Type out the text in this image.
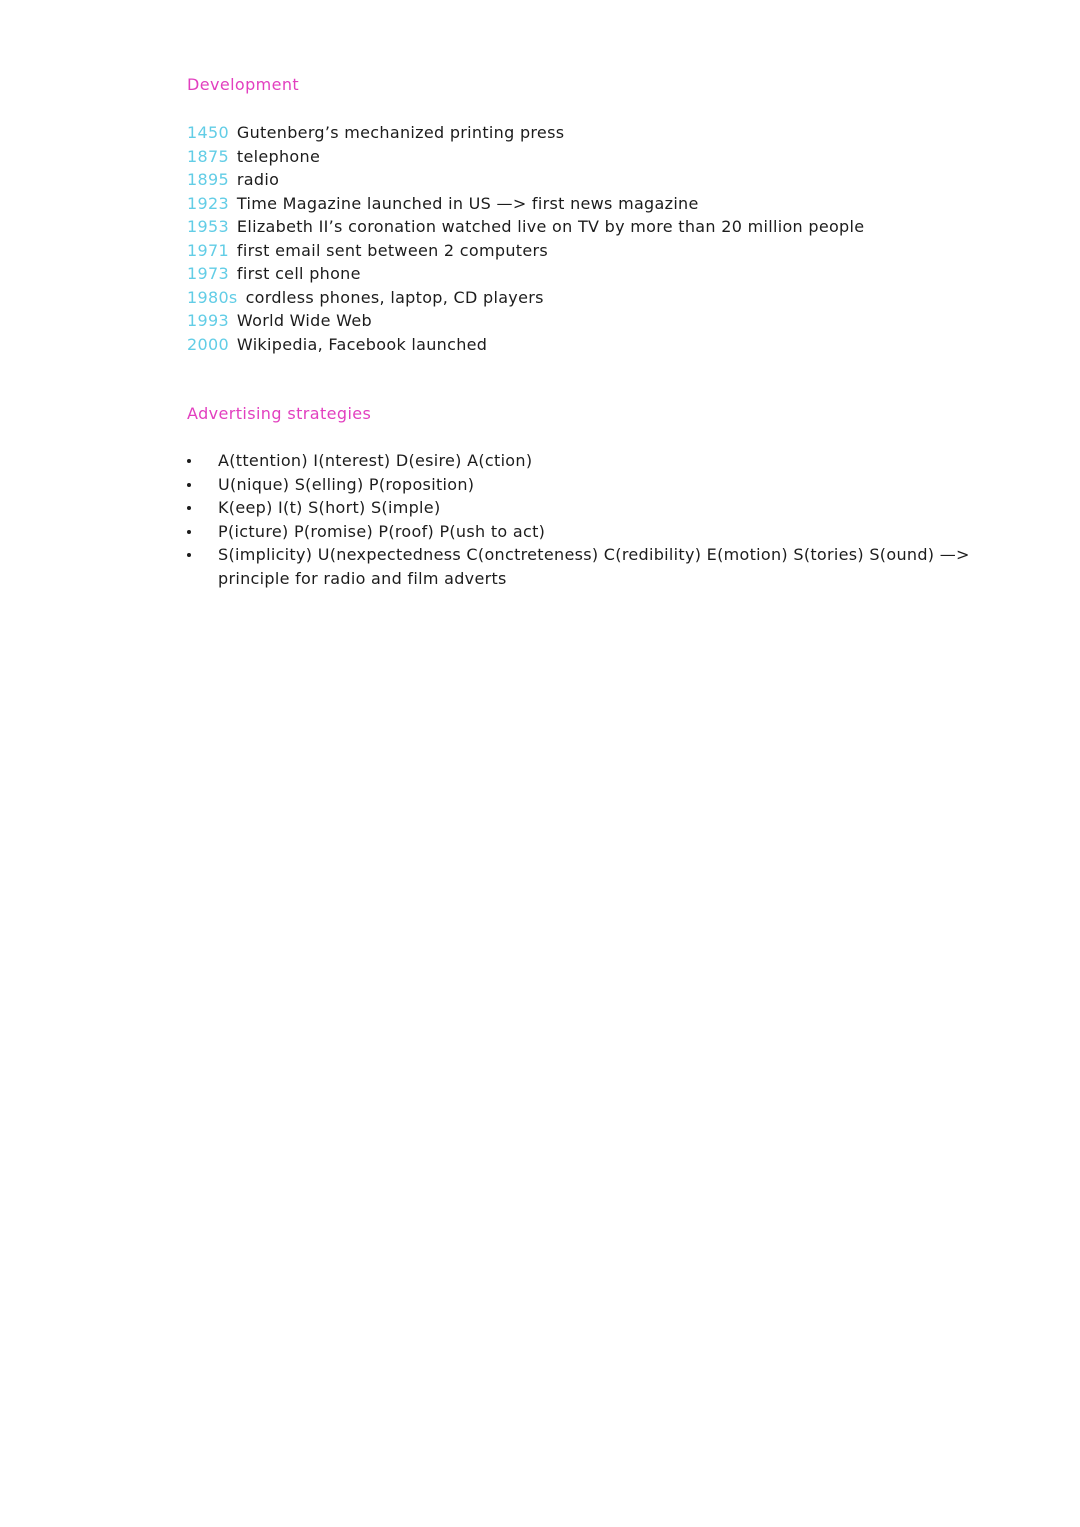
Development
1450 Gutenberg’s mechanized printing press
1875 telephone
1895 radio
1923 Time Magazine launched in US —> first news magazine
1953 Elizabeth II’s coronation watched live on TV by more than 20 million people
1971 first email sent between 2 computers
1973 first cell phone
1980s cordless phones, laptop, CD players
1993 World Wide Web
2000 Wikipedia, Facebook launched
Advertising strategies
A(ttention) I(nterest) D(esire) A(ction)
U(nique) S(elling) P(roposition)
K(eep) I(t) S(hort) S(imple)
P(icture) P(romise) P(roof) P(ush to act)
S(implicity) U(nexpectedness C(onctreteness) C(redibility) E(motion) S(tories) S(ound) —> principle for radio and film adverts
